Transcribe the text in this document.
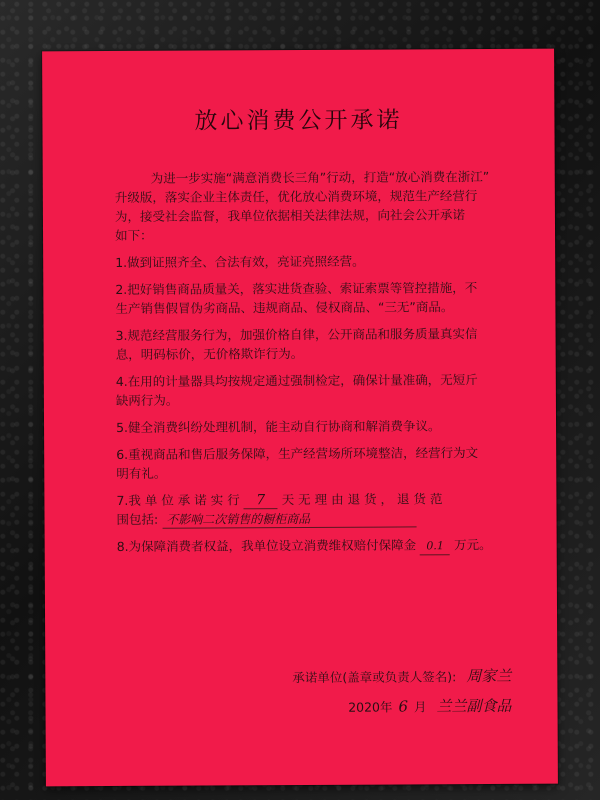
放心消费公开承诺
为进一步实施“满意消费长三角”行动，打造“放心消费在浙江”
升级版，落实企业主体责任，优化放心消费环境，规范生产经营行
为，接受社会监督，我单位依据相关法律法规，向社会公开承诺
如下：
1.做到证照齐全、合法有效，亮证亮照经营。
2.把好销售商品质量关，落实进货查验、索证索票等管控措施，不
生产销售假冒伪劣商品、违规商品、侵权商品、“三无”商品。
3.规范经营服务行为，加强价格自律，公开商品和服务质量真实信
息，明码标价，无价格欺诈行为。
4.在用的计量器具均按规定通过强制检定，确保计量准确，无短斤
缺两行为。
5.健全消费纠纷处理机制，能主动自行协商和解消费争议。
6.重视商品和售后服务保障，生产经营场所环境整洁，经营行为文
明有礼。
7.我 单 位 承 诺 实 行 7 天 无 理 由 退 货 ， 退 货 范
围包括: 不影响二次销售的橱柜商品
8.为保障消费者权益，我单位设立消费维权赔付保障金 0.1 万元。
承诺单位(盖章或负责人签名): 周家兰
2020年 6 月 兰兰副食品
